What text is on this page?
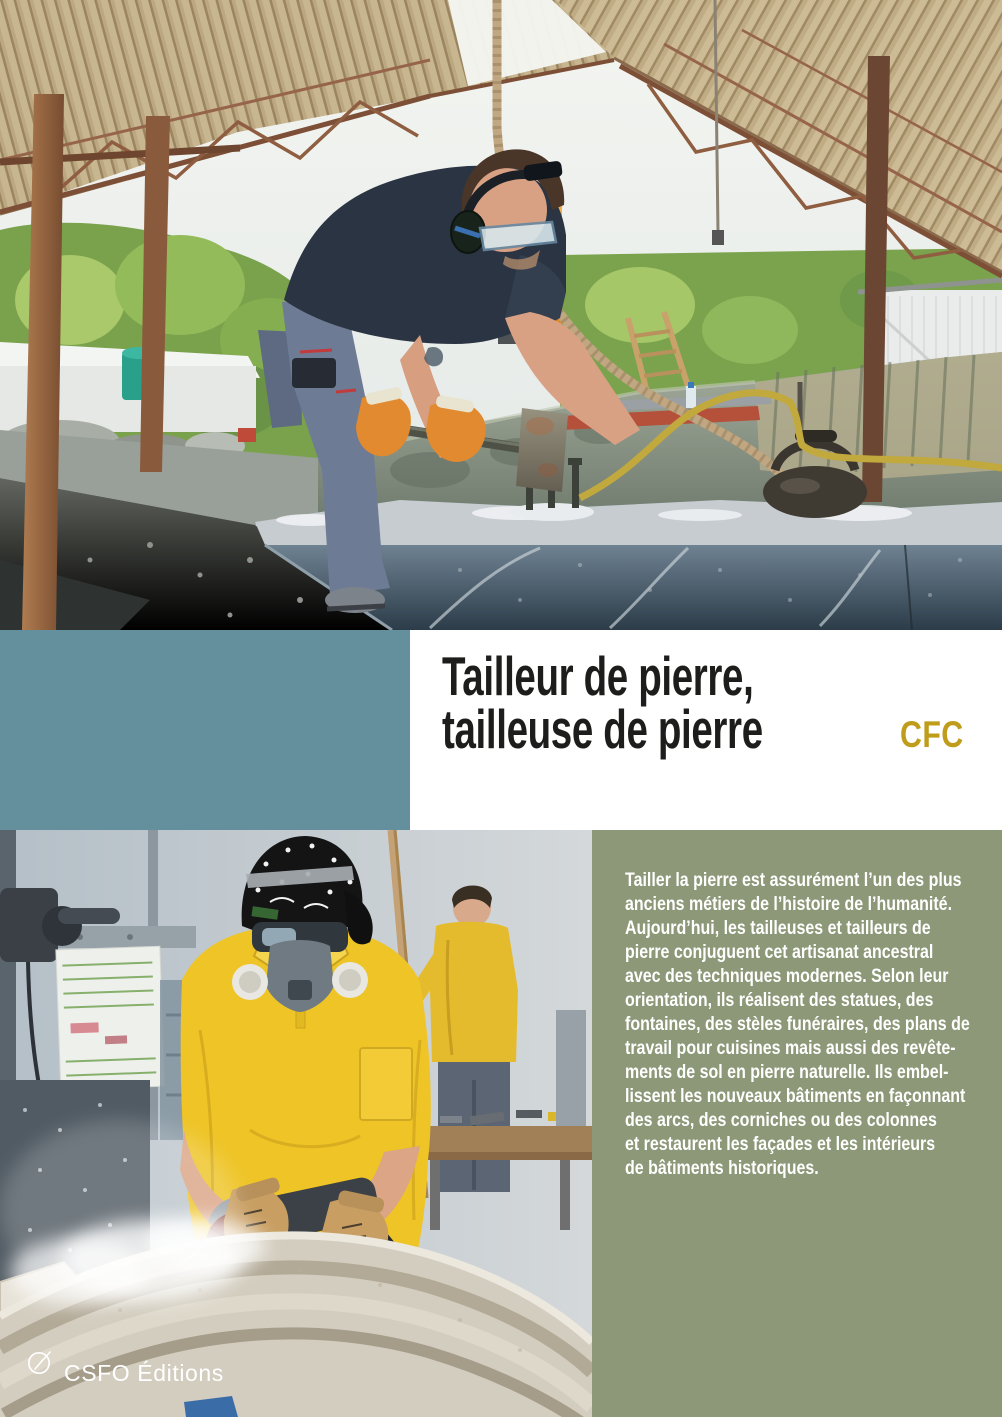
Tailleur de pierre,
tailleuse de pierre	CFC
Tailler la pierre est assurément l’un des plus
anciens métiers de l’histoire de l’humanité.
Aujourd’hui, les tailleuses et tailleurs de
pierre conjuguent cet artisanat ancestral
avec des techniques modernes. Selon leur
orientation, ils réalisent des statues, des
fontaines, des stèles funéraires, des plans de
travail pour cuisines mais aussi des revête-
ments de sol en pierre naturelle. Ils embel-
lissent les nouveaux bâtiments en façonnant
des arcs, des corniches ou des colonnes
et restaurent les façades et les intérieurs
de bâtiments historiques.
CSFO Éditions
